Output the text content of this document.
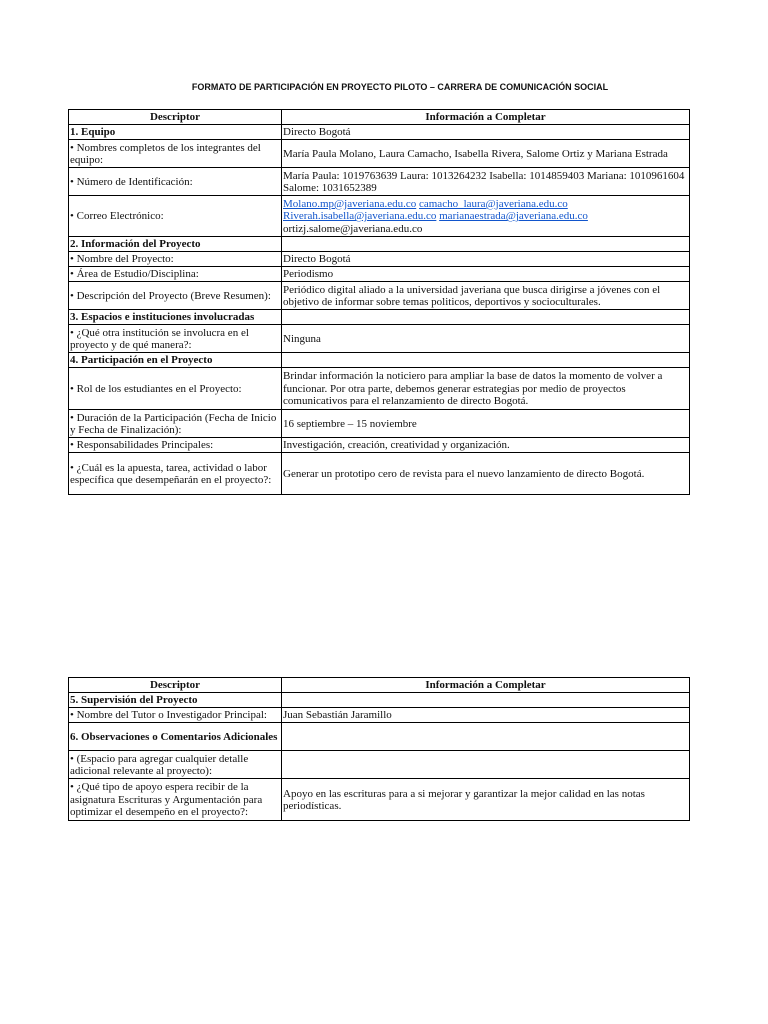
FORMATO DE PARTICIPACIÓN EN PROYECTO PILOTO – CARRERA DE COMUNICACIÓN SOCIAL
Descriptor	Información a Completar
1. Equipo	Directo Bogotá
• Nombres completos de los integrantes del equipo:	María Paula Molano, Laura Camacho, Isabella Rivera, Salome Ortiz y Mariana Estrada
• Número de Identificación:	María Paula: 1019763639 Laura: 1013264232 Isabella: 1014859403 Mariana: 1010961604 Salome: 1031652389
• Correo Electrónico:	Molano.mp@javeriana.edu.co camacho_laura@javeriana.edu.co
Riverah.isabella@javeriana.edu.co marianaestrada@javeriana.edu.co
ortizj.salome@javeriana.edu.co
2. Información del Proyecto	
• Nombre del Proyecto:	Directo Bogotá
• Área de Estudio/Disciplina:	Periodismo
• Descripción del Proyecto (Breve Resumen):	Periódico digital aliado a la universidad javeriana que busca dirigirse a jóvenes con el objetivo de informar sobre temas politicos, deportivos y socioculturales.
3. Espacios e instituciones involucradas	
• ¿Qué otra institución se involucra en el proyecto y de qué manera?:	Ninguna
4. Participación en el Proyecto	
• Rol de los estudiantes en el Proyecto:	Brindar información la noticiero para ampliar la base de datos la momento de volver a funcionar. Por otra parte, debemos generar estrategias por medio de proyectos comunicativos para el relanzamiento de directo Bogotá.
• Duración de la Participación (Fecha de Inicio y Fecha de Finalización):	16 septiembre – 15 noviembre
• Responsabilidades Principales:	Investigación, creación, creatividad y organización.
• ¿Cuál es la apuesta, tarea, actividad o labor específica que desempeñarán en el proyecto?:	Generar un prototipo cero de revista para el nuevo lanzamiento de directo Bogotá.
Descriptor	Información a Completar
5. Supervisión del Proyecto	
• Nombre del Tutor o Investigador Principal:	Juan Sebastián Jaramillo
6. Observaciones o Comentarios Adicionales	
• (Espacio para agregar cualquier detalle adicional relevante al proyecto):	
• ¿Qué tipo de apoyo espera recibir de la asignatura Escrituras y Argumentación para optimizar el desempeño en el proyecto?:	Apoyo en las escrituras para a si mejorar y garantizar la mejor calidad en las notas periodísticas.
